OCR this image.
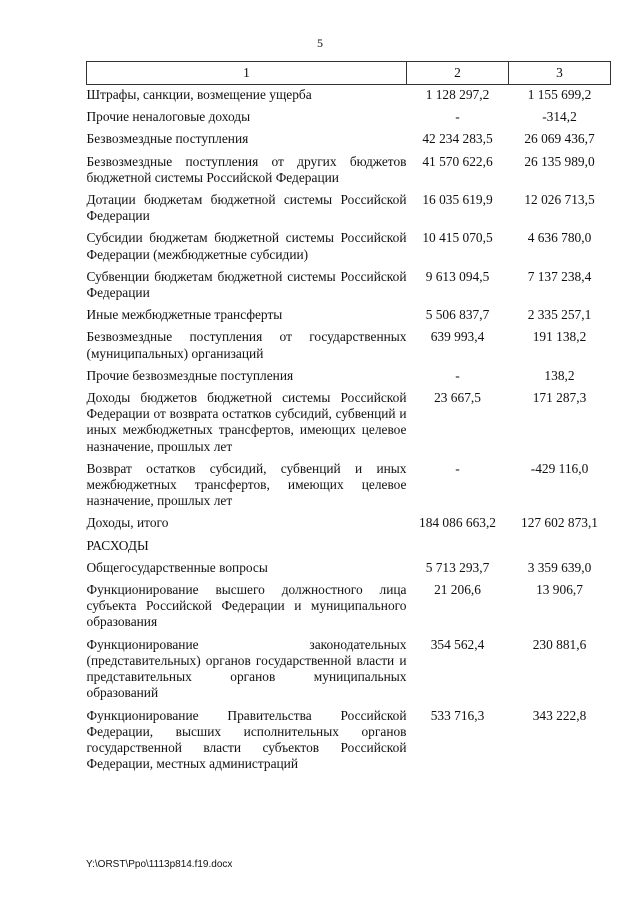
5
1	2	3
Штрафы, санкции, возмещение ущерба	1 128 297,2	1 155 699,2
Прочие неналоговые доходы	-	-314,2
Безвозмездные поступления	42 234 283,5	26 069 436,7
Безвозмездные поступления от других бюджетов бюджетной системы Российской Федерации	41 570 622,6	26 135 989,0
Дотации бюджетам бюджетной системы Российской Федерации	16 035 619,9	12 026 713,5
Субсидии бюджетам бюджетной системы Российской Федерации (межбюджетные субсидии)	10 415 070,5	4 636 780,0
Субвенции бюджетам бюджетной системы Российской Федерации	9 613 094,5	7 137 238,4
Иные межбюджетные трансферты	5 506 837,7	2 335 257,1
Безвозмездные поступления от государственных (муниципальных) организаций	639 993,4	191 138,2
Прочие безвозмездные поступления	-	138,2
Доходы бюджетов бюджетной системы Российской Федерации от возврата остатков субсидий, субвенций и иных межбюджетных трансфертов, имеющих целевое назначение, прошлых лет	23 667,5	171 287,3
Возврат остатков субсидий, субвенций и иных межбюджетных трансфертов, имеющих целевое назначение, прошлых лет	-	-429 116,0
Доходы, итого	184 086 663,2	127 602 873,1
РАСХОДЫ		
Общегосударственные вопросы	5 713 293,7	3 359 639,0
Функционирование высшего должностного лица субъекта Российской Федерации и муниципального образования	21 206,6	13 906,7
Функционирование законодательных (представительных) органов государственной власти и представительных органов муниципальных образований	354 562,4	230 881,6
Функционирование Правительства Российской Федерации, высших исполнительных органов государственной власти субъектов Российской Федерации, местных администраций	533 716,3	343 222,8
Y:\ORST\Ppo\1113p814.f19.docx
